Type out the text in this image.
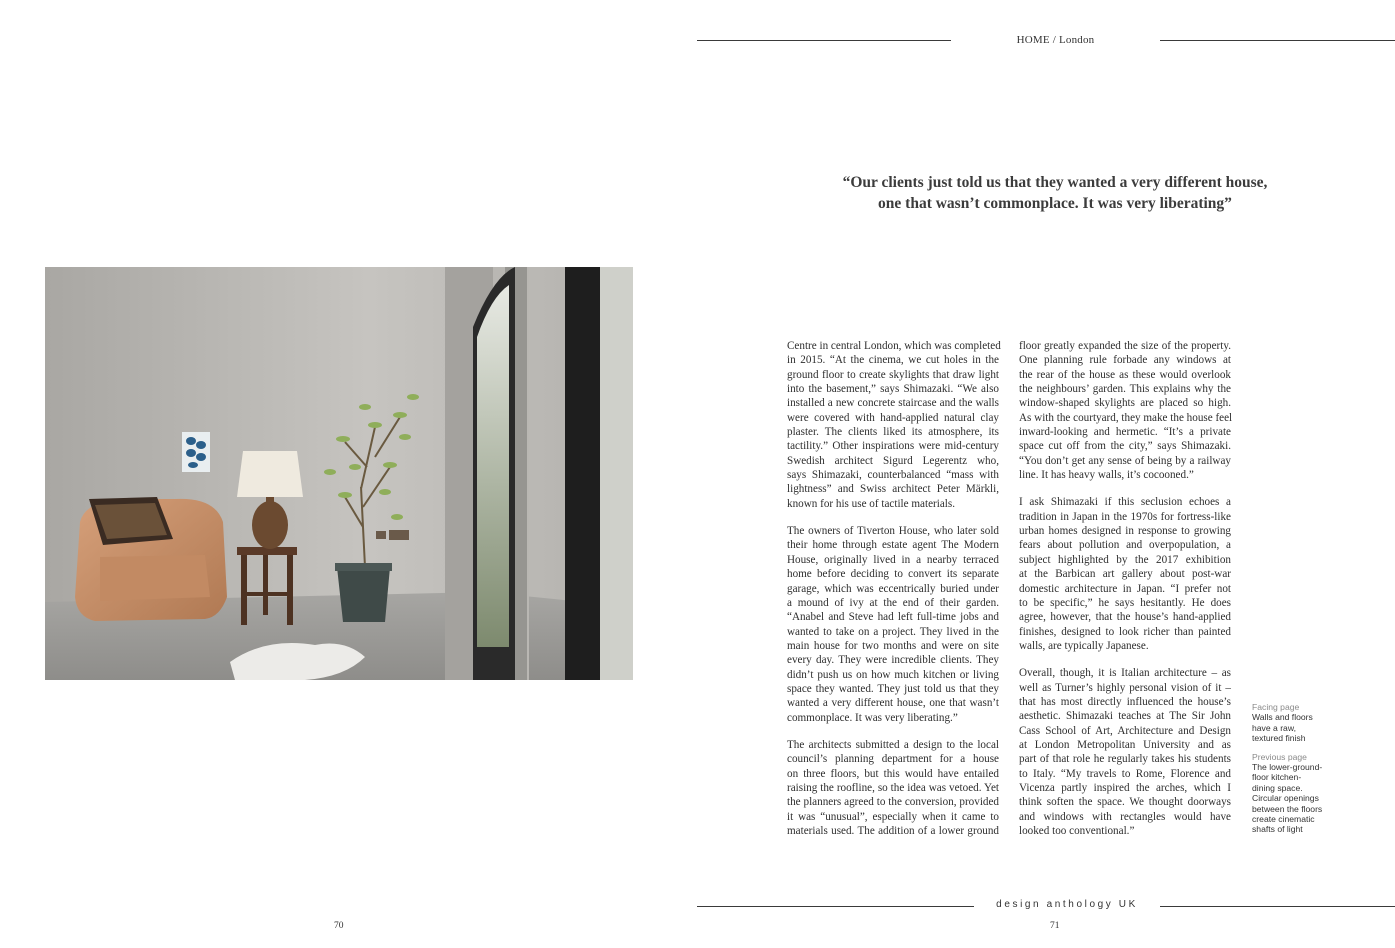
HOME / London
“Our clients just told us that they wanted a very different house,
one that wasn’t commonplace. It was very liberating”

Centre in central London, which was completed
in 2015. “At the cinema, we cut holes in the
ground floor to create skylights that draw light
into the basement,” says Shimazaki. “We also
installed a new concrete staircase and the walls
were covered with hand-applied natural clay
plaster. The clients liked its atmosphere, its
tactility.” Other inspirations were mid-century
Swedish architect Sigurd Legerentz who,
says Shimazaki, counterbalanced “mass with
lightness” and Swiss architect Peter Märkli,
known for his use of tactile materials.

The owners of Tiverton House, who later sold
their home through estate agent The Modern
House, originally lived in a nearby terraced
home before deciding to convert its separate
garage, which was eccentrically buried under
a mound of ivy at the end of their garden.
“Anabel and Steve had left full-time jobs and
wanted to take on a project. They lived in the
main house for two months and were on site
every day. They were incredible clients. They
didn’t push us on how much kitchen or living
space they wanted. They just told us that they
wanted a very different house, one that wasn’t
commonplace. It was very liberating.”

The architects submitted a design to the local
council’s planning department for a house
on three floors, but this would have entailed
raising the roofline, so the idea was vetoed. Yet
the planners agreed to the conversion, provided
it was “unusual”, especially when it came to
materials used. The addition of a lower ground

floor greatly expanded the size of the property.
One planning rule forbade any windows at
the rear of the house as these would overlook
the neighbours’ garden. This explains why the
window-shaped skylights are placed so high.
As with the courtyard, they make the house feel
inward-looking and hermetic. “It’s a private
space cut off from the city,” says Shimazaki.
“You don’t get any sense of being by a railway
line. It has heavy walls, it’s cocooned.”

I ask Shimazaki if this seclusion echoes a
tradition in Japan in the 1970s for fortress-like
urban homes designed in response to growing
fears about pollution and overpopulation, a
subject highlighted by the 2017 exhibition
at the Barbican art gallery about post-war
domestic architecture in Japan. “I prefer not
to be specific,” he says hesitantly. He does
agree, however, that the house’s hand-applied
finishes, designed to look richer than painted
walls, are typically Japanese.

Overall, though, it is Italian architecture – as
well as Turner’s highly personal vision of it –
that has most directly influenced the house’s
aesthetic. Shimazaki teaches at The Sir John
Cass School of Art, Architecture and Design
at London Metropolitan University and as
part of that role he regularly takes his students
to Italy. “My travels to Rome, Florence and
Vicenza partly inspired the arches, which I
think soften the space. We thought doorways
and windows with rectangles would have
looked too conventional.”

Facing page
Walls and floors
have a raw,
textured finish
Previous page
The lower-ground-
floor kitchen-
dining space.
Circular openings
between the floors
create cinematic
shafts of light
design anthology UK
70	71
